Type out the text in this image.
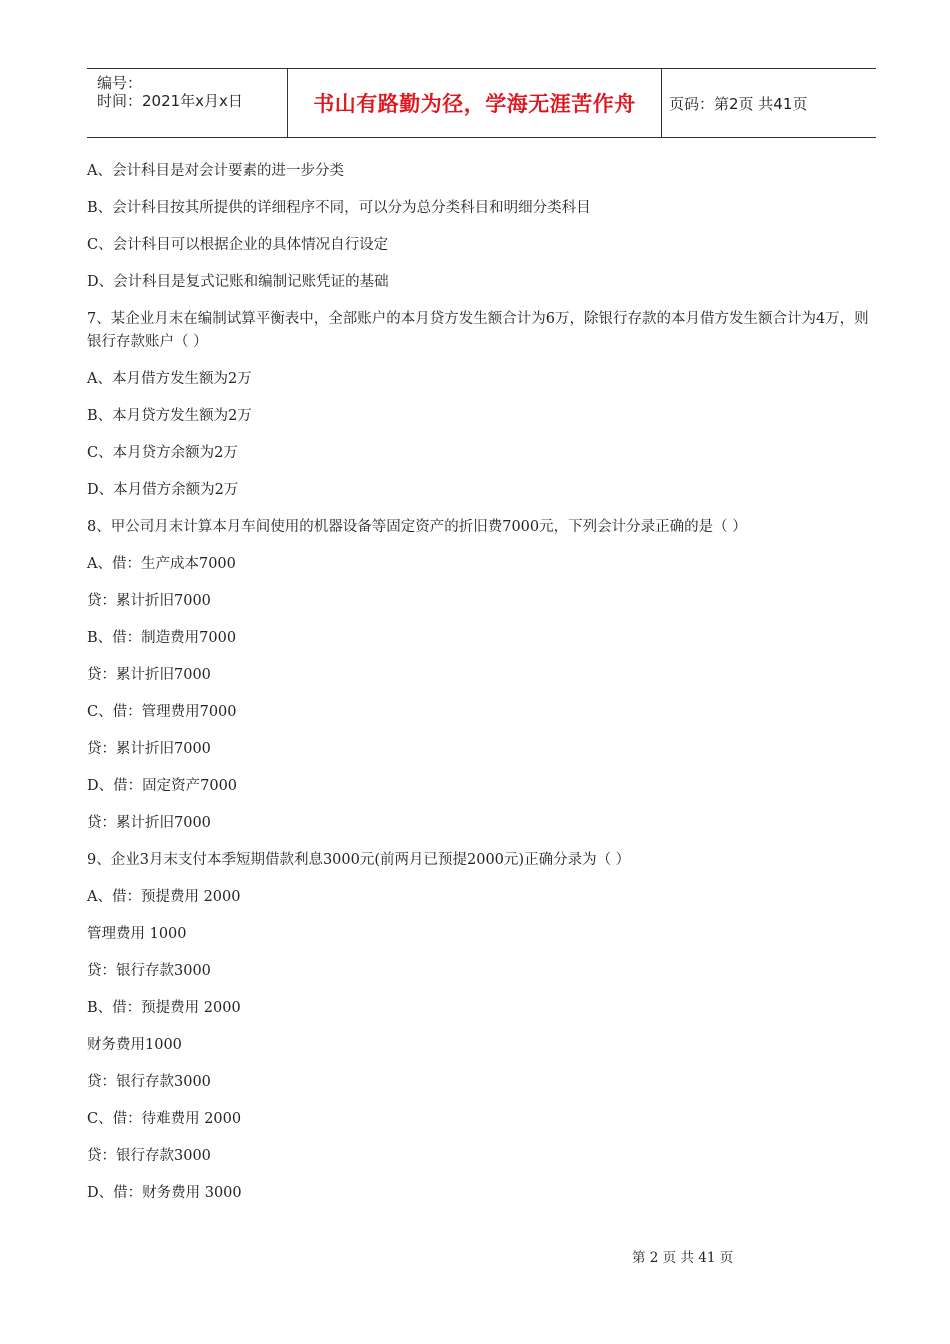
编号：
时间：2021年x月x日	书山有路勤为径，学海无涯苦作舟 页码：第2页 共41页

A、会计科目是对会计要素的进一步分类

B、会计科目按其所提供的详细程序不同，可以分为总分类科目和明细分类科目

C、会计科目可以根据企业的具体情况自行设定

D、会计科目是复式记账和编制记账凭证的基础

7、某企业月末在编制试算平衡表中，全部账户的本月贷方发生额合计为6万，除银行存款的本月借方发生额合计为4万，则银行存款账户（ ）

A、本月借方发生额为2万

B、本月贷方发生额为2万

C、本月贷方余额为2万

D、本月借方余额为2万

8、甲公司月末计算本月车间使用的机器设备等固定资产的折旧费7000元，下列会计分录正确的是（ ）

A、借：生产成本7000

贷：累计折旧7000

B、借：制造费用7000

贷：累计折旧7000

C、借：管理费用7000

贷：累计折旧7000

D、借：固定资产7000

贷：累计折旧7000

9、企业3月末支付本季短期借款利息3000元(前两月已预提2000元)正确分录为（ ）

A、借：预提费用 2000

管理费用 1000

贷：银行存款3000

B、借：预提费用 2000

财务费用1000

贷：银行存款3000

C、借：待难费用 2000

贷：银行存款3000

D、借：财务费用 3000

第 2 页 共 41 页
